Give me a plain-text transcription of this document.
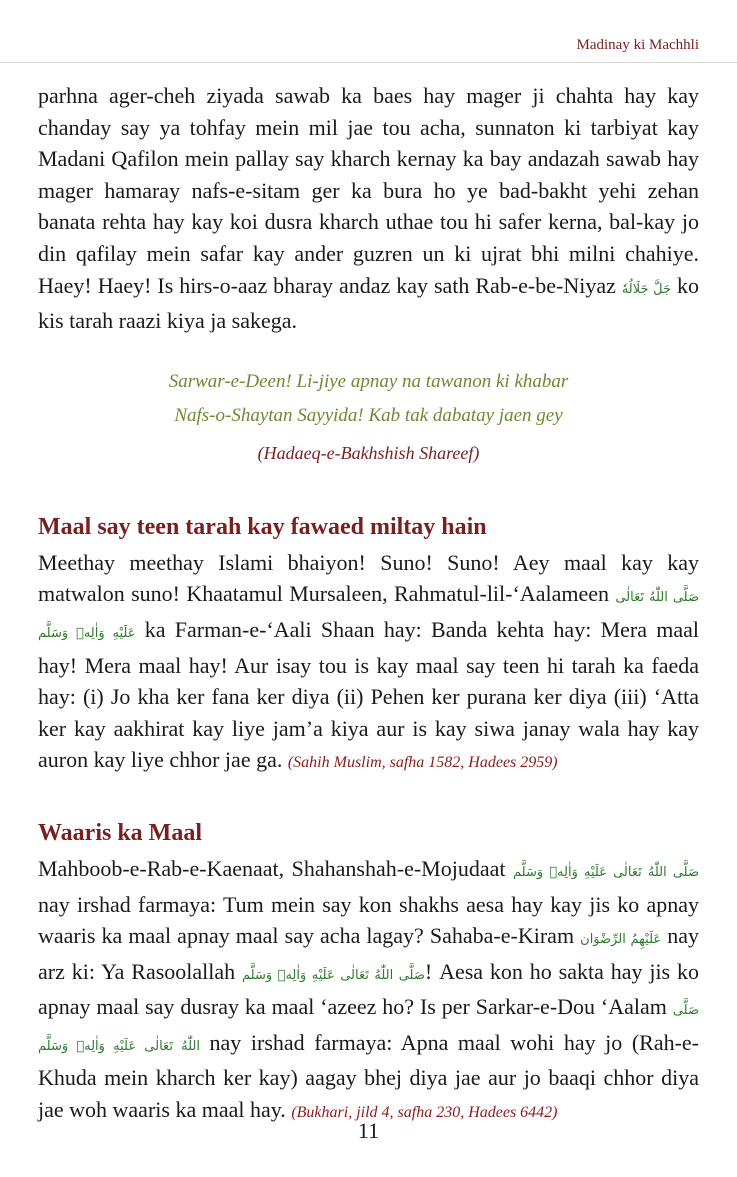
Madinay ki Machhli

parhna ager-cheh ziyada sawab ka baes hay mager ji chahta hay kay chanday say ya tohfay mein mil jae tou acha, sunnaton ki tarbiyat kay Madani Qafilon mein pallay say kharch kernay ka bay andazah sawab hay mager hamaray nafs-e-sitam ger ka bura ho ye bad-bakht yehi zehan banata rehta hay kay koi dusra kharch uthae tou hi safer kerna, bal-kay jo din qafilay mein safar kay ander guzren un ki ujrat bhi milni chahiye. Haey! Haey! Is hirs-o-aaz bharay andaz kay sath Rab-e-be-Niyaz جَلَّ جَلَالُهٗ ko kis tarah raazi kiya ja sakega.

Sarwar-e-Deen! Li-jiye apnay na tawanon ki khabar
Nafs-o-Shaytan Sayyida! Kab tak dabatay jaen gey
(Hadaeq-e-Bakhshish Shareef)
Maal say teen tarah kay fawaed miltay hain

Meethay meethay Islami bhaiyon! Suno! Suno! Aey maal kay kay matwalon suno! Khaatamul Mursaleen, Rahmatul-lil-‘Aalameen صَلَّى اللّٰهُ تَعَالٰى عَلَيْهِ وَاٰلِهٖ وَسَلَّم ka Farman-e-‘Aali Shaan hay: Banda kehta hay: Mera maal hay! Mera maal hay! Aur isay tou is kay maal say teen hi tarah ka faeda hay: (i) Jo kha ker fana ker diya (ii) Pehen ker purana ker diya (iii) ‘Atta ker kay aakhirat kay liye jam’a kiya aur is kay siwa janay wala hay kay auron kay liye chhor jae ga. (Sahih Muslim, safha 1582, Hadees 2959)

Waaris ka Maal

Mahboob-e-Rab-e-Kaenaat, Shahanshah-e-Mojudaat صَلَّى اللّٰهُ تَعَالٰى عَلَيْهِ وَاٰلِهٖ وَسَلَّم nay irshad farmaya: Tum mein say kon shakhs aesa hay kay jis ko apnay waaris ka maal apnay maal say acha lagay? Sahaba-e-Kiram عَلَيْهِمُ الرِّضْوَان nay arz ki: Ya Rasoolallah صَلَّى اللّٰهُ تَعَالٰى عَلَيْهِ وَاٰلِهٖ وَسَلَّم! Aesa kon ho sakta hay jis ko apnay maal say dusray ka maal ‘azeez ho? Is per Sarkar-e-Dou ‘Aalam صَلَّى اللّٰهُ تَعَالٰى عَلَيْهِ وَاٰلِهٖ وَسَلَّم nay irshad farmaya: Apna maal wohi hay jo (Rah-e-Khuda mein kharch ker kay) aagay bhej diya jae aur jo baaqi chhor diya jae woh waaris ka maal hay. (Bukhari, jild 4, safha 230, Hadees 6442)

11
